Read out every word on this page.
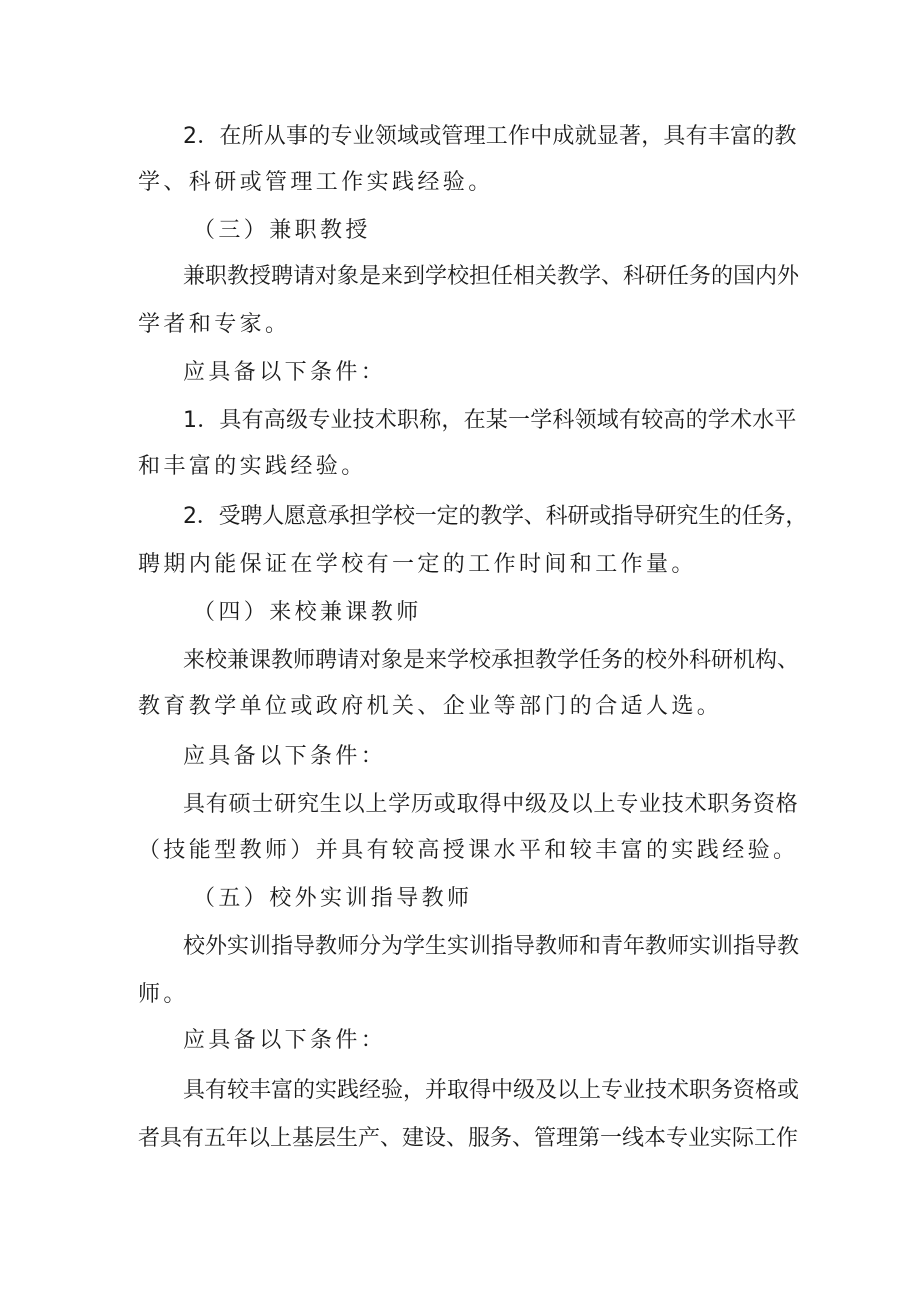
2．在所从事的专业领域或管理工作中成就显著，具有丰富的教
学、科研或管理工作实践经验。
（三）兼职教授
兼职教授聘请对象是来到学校担任相关教学、科研任务的国内外
学者和专家。
应具备以下条件：
1．具有高级专业技术职称，在某一学科领域有较高的学术水平
和丰富的实践经验。
2．受聘人愿意承担学校一定的教学、科研或指导研究生的任务，
聘期内能保证在学校有一定的工作时间和工作量。
（四）来校兼课教师
来校兼课教师聘请对象是来学校承担教学任务的校外科研机构、
教育教学单位或政府机关、企业等部门的合适人选。
应具备以下条件：
具有硕士研究生以上学历或取得中级及以上专业技术职务资格
（技能型教师）并具有较高授课水平和较丰富的实践经验。
（五）校外实训指导教师
校外实训指导教师分为学生实训指导教师和青年教师实训指导教
师。
应具备以下条件：
具有较丰富的实践经验，并取得中级及以上专业技术职务资格或
者具有五年以上基层生产、建设、服务、管理第一线本专业实际工作
